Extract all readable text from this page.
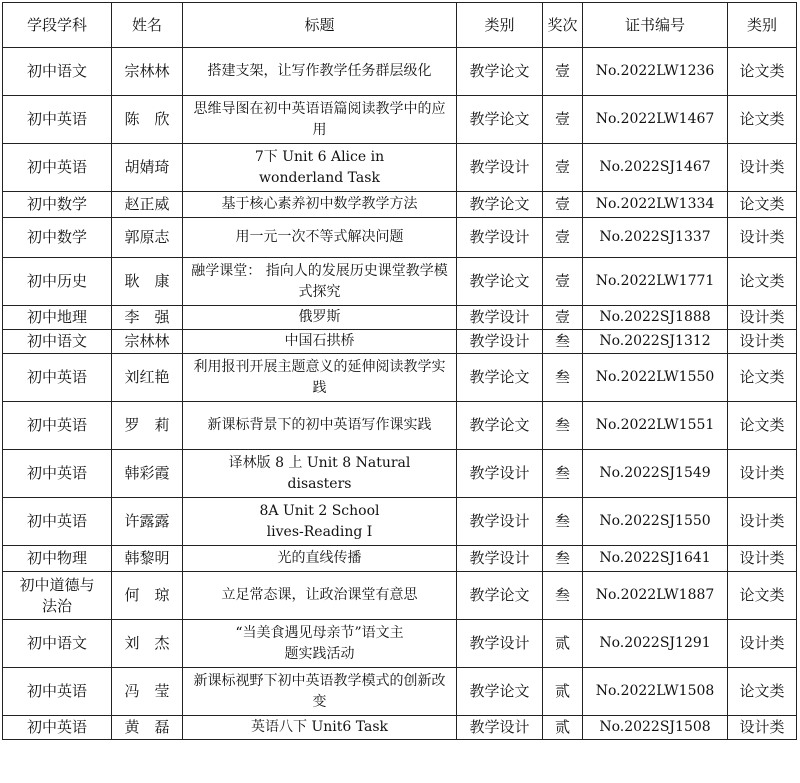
学段学科	姓名	标题	类别	奖次	证书编号	类别
初中语文	宗林林	搭建支架，让写作教学任务群层级化	教学论文	壹	No.2022LW1236	论文类
初中英语	陈　欣	思维导图在初中英语语篇阅读教学中的应用	教学论文	壹	No.2022LW1467	论文类
初中英语	胡婧琦	7下 Unit 6 Alice in wonderland Task	教学设计	壹	No.2022SJ1467	设计类
初中数学	赵正威	基于核心素养初中数学教学方法	教学论文	壹	No.2022LW1334	论文类
初中数学	郭原志	用一元一次不等式解决问题	教学设计	壹	No.2022SJ1337	设计类
初中历史	耿　康	融学课堂： 指向人的发展历史课堂教学模式探究	教学论文	壹	No.2022LW1771	论文类
初中地理	李　强	俄罗斯	教学设计	壹	No.2022SJ1888	设计类
初中语文	宗林林	中国石拱桥	教学设计	叁	No.2022SJ1312	设计类
初中英语	刘红艳	利用报刊开展主题意义的延伸阅读教学实践	教学论文	叁	No.2022LW1550	论文类
初中英语	罗　莉	新课标背景下的初中英语写作课实践	教学论文	叁	No.2022LW1551	论文类
初中英语	韩彩霞	译林版 8 上 Unit 8 Natural disasters	教学设计	叁	No.2022SJ1549	设计类
初中英语	许露露	8A Unit 2 School lives-Reading I	教学设计	叁	No.2022SJ1550	设计类
初中物理	韩黎明	光的直线传播	教学设计	叁	No.2022SJ1641	设计类
初中道德与法治	何　琼	立足常态课，让政治课堂有意思	教学论文	叁	No.2022LW1887	论文类
初中语文	刘　杰	“当美食遇见母亲节”语文主题实践活动	教学设计	贰	No.2022SJ1291	设计类
初中英语	冯　莹	新课标视野下初中英语教学模式的创新改变	教学论文	贰	No.2022LW1508	论文类
初中英语	黄　磊	英语八下 Unit6 Task	教学设计	贰	No.2022SJ1508	设计类
